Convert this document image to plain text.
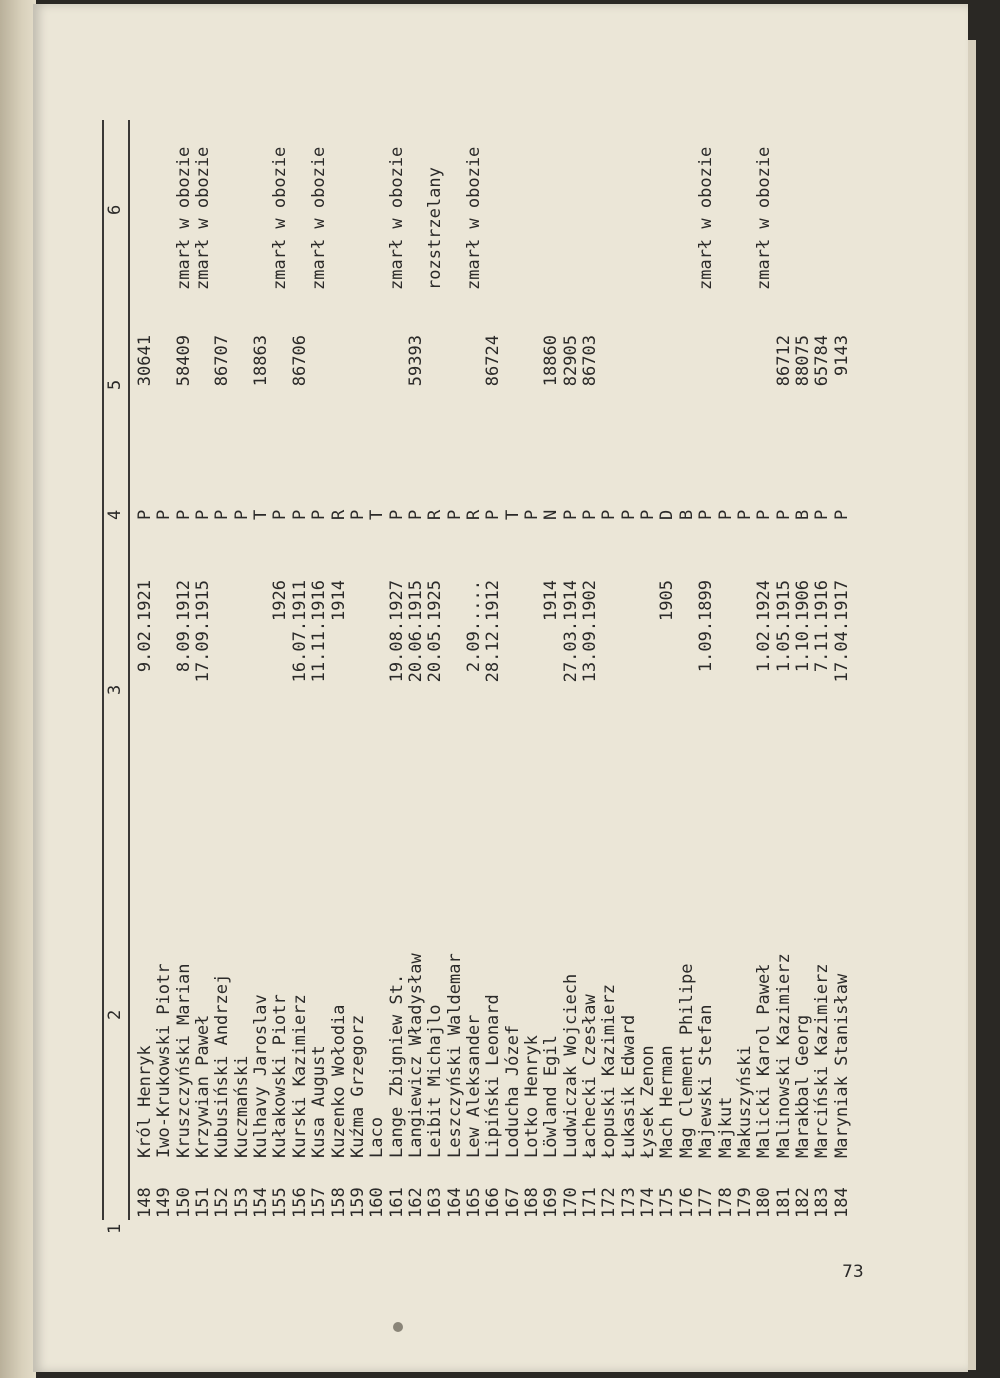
1

2

3

4

5

6

148
Król Henryk
9.02.1921
P
30641
149
Iwo-Krukowski Piotr
P
150
Kruszczyński Marian
8.09.1912
P
58409
zmarł w obozie
151
Krzywian Paweł
17.09.1915
P
zmarł w obozie
152
Kubusiński Andrzej
P
86707
153
Kuczmański
P
154
Kulhavy Jaroslav
T
18863
155
Kułakowski Piotr
1926
P
zmarł w obozie
156
Kurski Kazimierz
16.07.1911
P
86706
157
Kusa August
11.11.1916
P
zmarł w obozie
158
Kuzenko Wołodia
1914
R
159
Kuźma Grzegorz
P
160
Laco
T
161
Lange Zbigniew St.
19.08.1927
P
zmarł w obozie
162
Langiewicz Władysław
20.06.1915
P
59393
163
Leibit Michajlo
20.05.1925
R
rozstrzelany
164
Leszczyński Waldemar
P
165
Lew Aleksander
2.09.....
R
zmarł w obozie
166
Lipiński Leonard
28.12.1912
P
86724
167
Loducha Józef
T
168
Lotko Henryk
P
169
Löwland Egil
1914
N
18860
170
Ludwiczak Wojciech
27.03.1914
P
82905
171
Łachecki Czesław
13.09.1902
P
86703
172
Łopuski Kazimierz
P
173
Łukasik Edward
P
174
Łysek Zenon
P
175
Mach Herman
1905
D
176
Mag Clement Philipe
B
177
Majewski Stefan
1.09.1899
P
zmarł w obozie
178
Majkut
P
179
Makuszyński
P
180
Malicki Karol Paweł
1.02.1924
P
zmarł w obozie
181
Malinowski Kazimierz
1.05.1915
P
86712
182
Marakbal Georg
1.10.1906
B
88075
183
Marciński Kazimierz
7.11.1916
P
65784
184
Maryniak Stanisław
17.04.1917
P
9143
73
